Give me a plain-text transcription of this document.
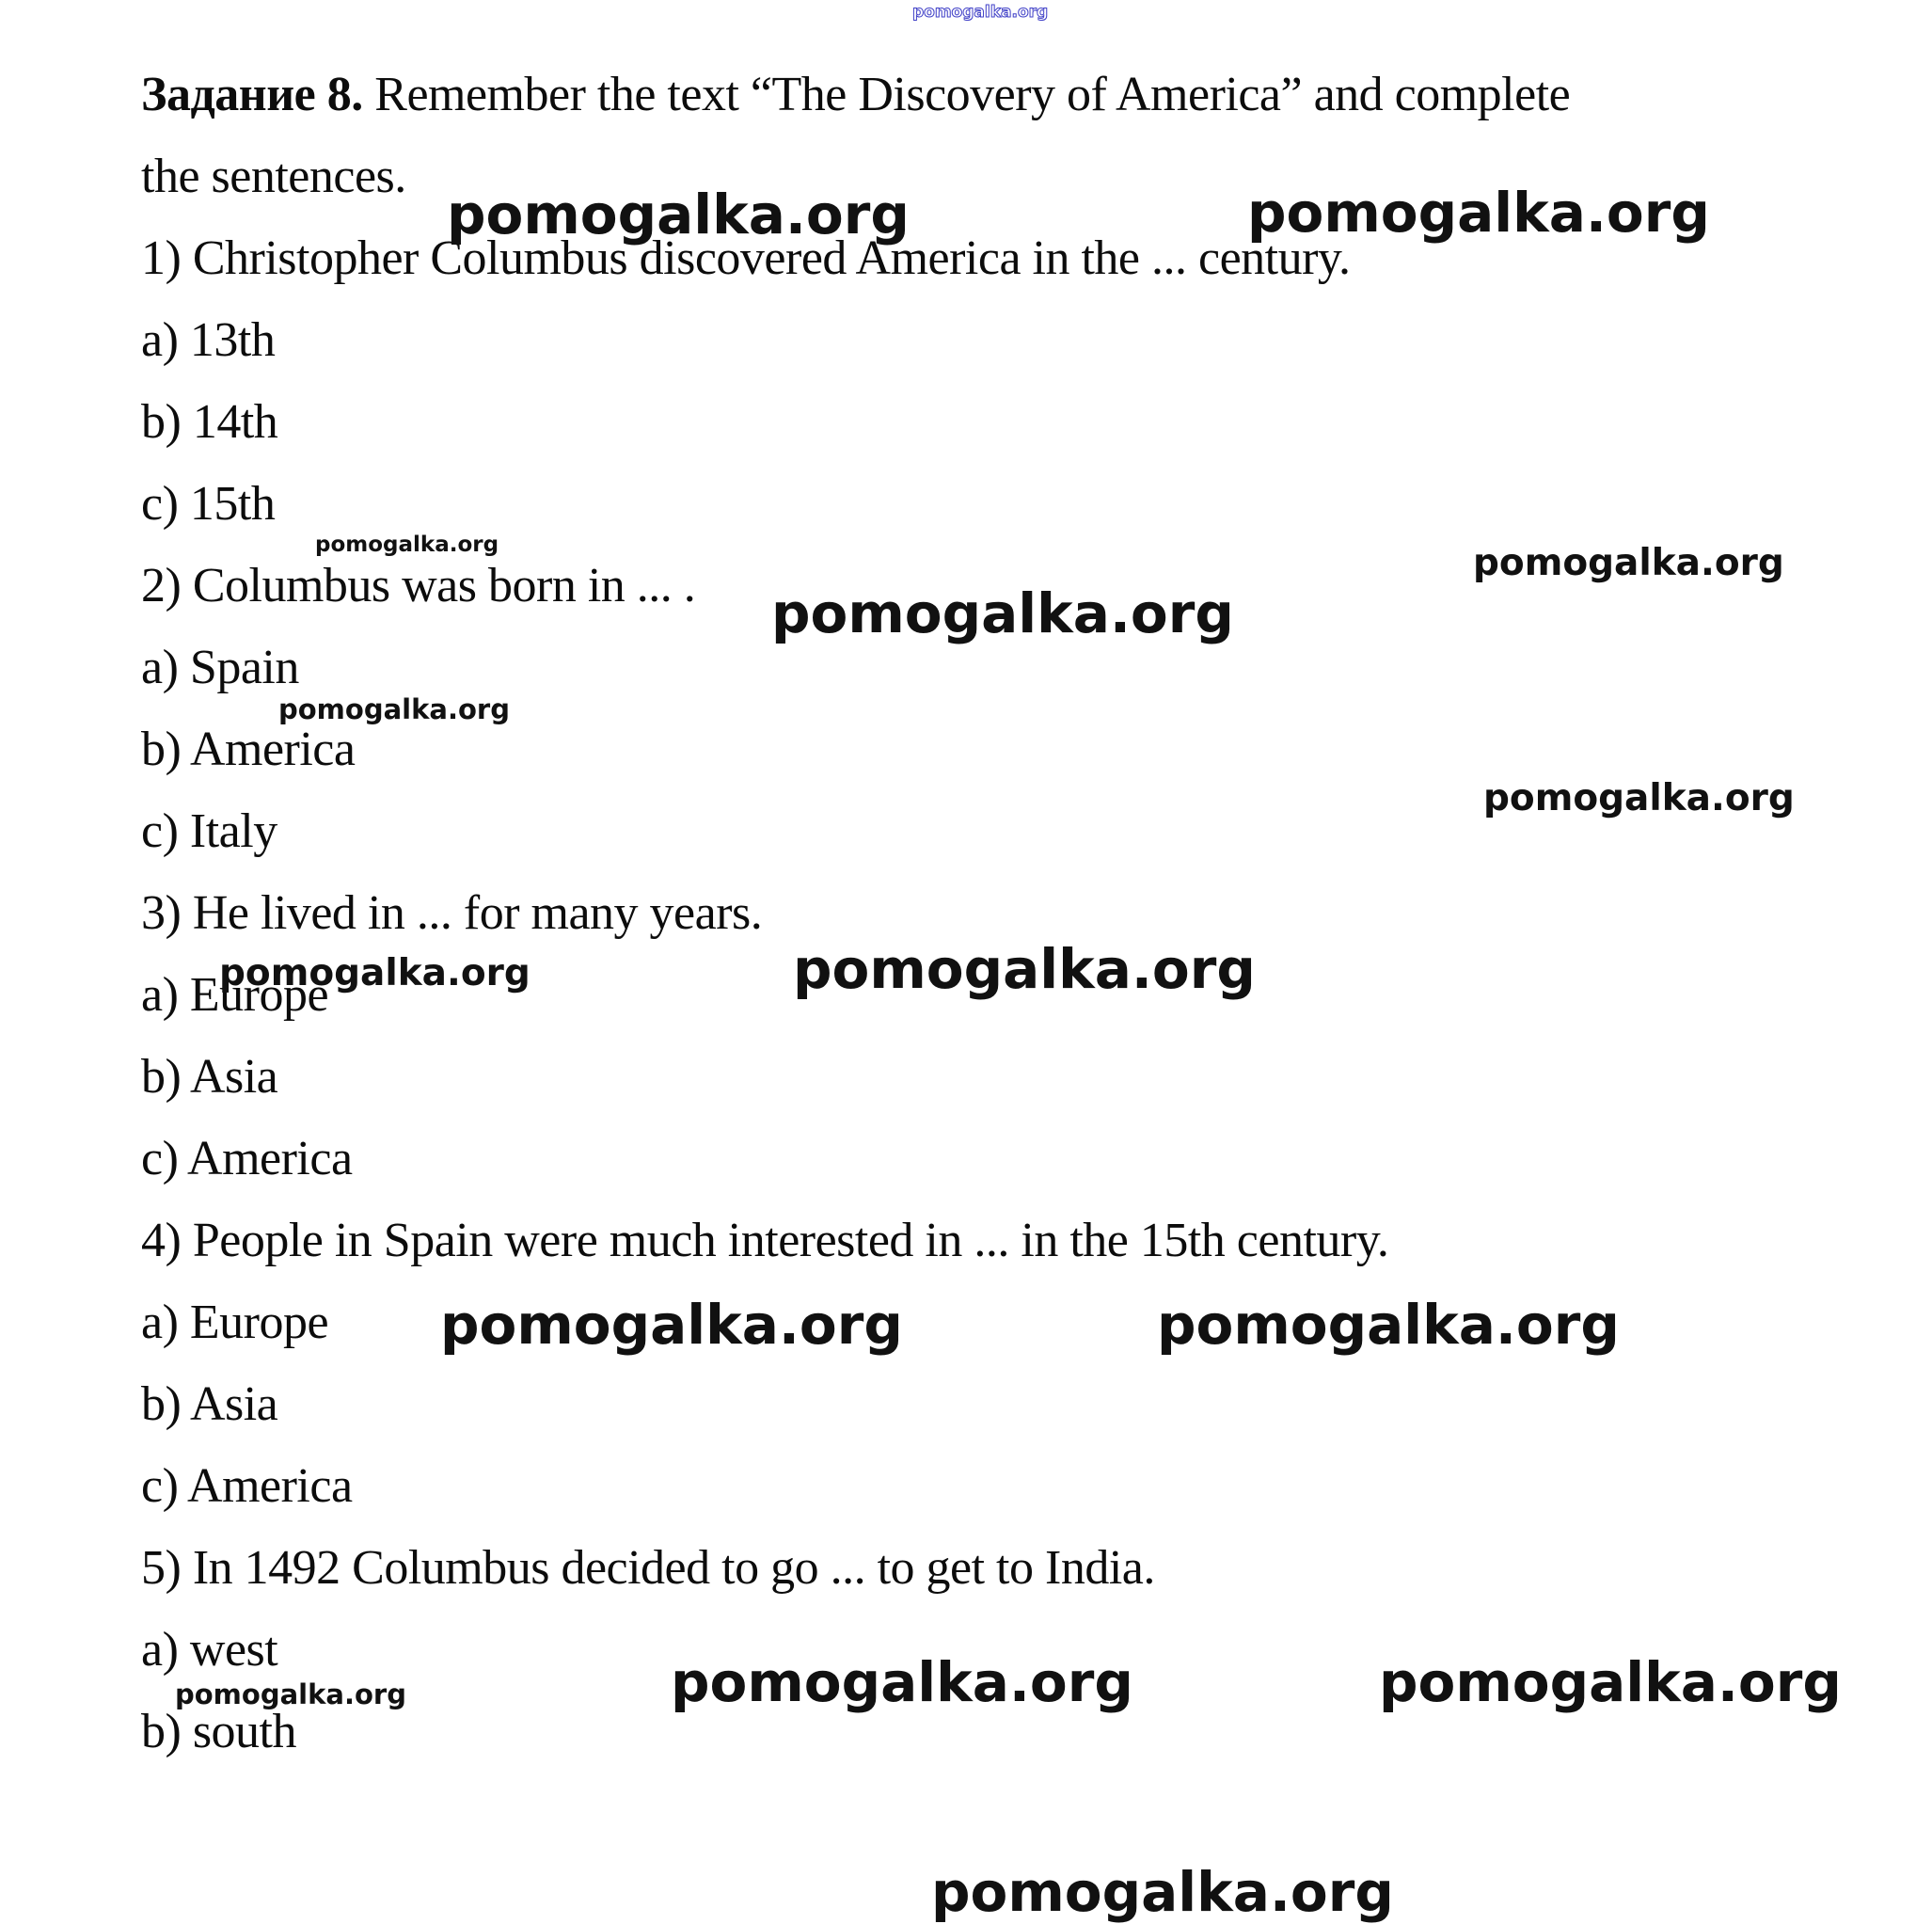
Задание 8. Remember the text “The Discovery of America” and complete
the sentences.
1) Christopher Columbus discovered America in the ... century.
a) 13th
b) 14th
c) 15th
2) Columbus was born in ... .
a) Spain
b) America
c) Italy
3) He lived in ... for many years.
a) Europe
b) Asia
c) America
4) People in Spain were much interested in ... in the 15th century.
a) Europe
b) Asia
c) America
5) In 1492 Columbus decided to go ... to get to India.
a) west
b) south
pomogalka.org
pomogalka.org	pomogalka.org
pomogalka.org	pomogalka.org
pomogalka.org
pomogalka.org
pomogalka.org
pomogalka.org	pomogalka.org
pomogalka.org	pomogalka.org
pomogalka.org	pomogalka.org
pomogalka.org
pomogalka.org
